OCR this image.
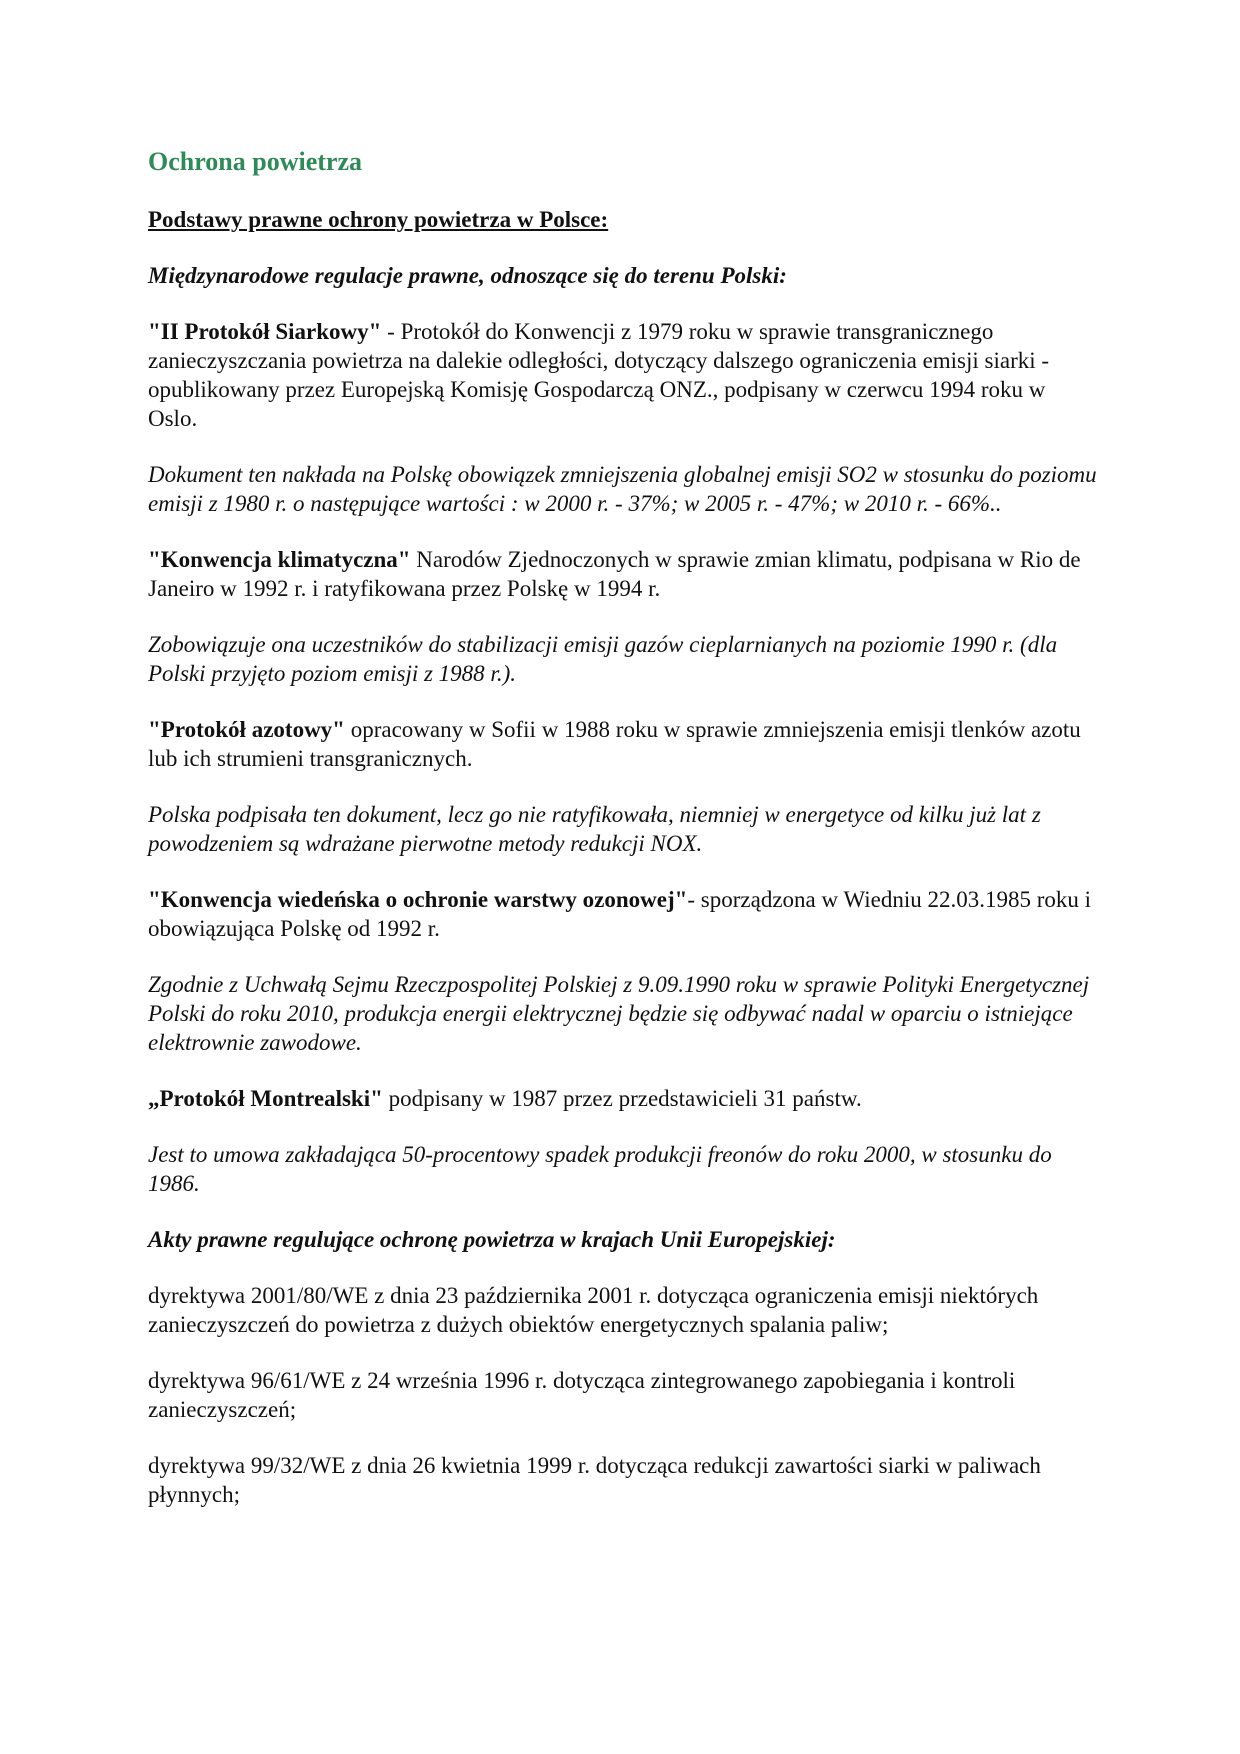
Ochrona powietrza

Podstawy prawne ochrony powietrza w Polsce:

Międzynarodowe regulacje prawne, odnoszące się do terenu Polski:

"II Protokół Siarkowy" - Protokół do Konwencji z 1979 roku w sprawie transgranicznego zanieczyszczania powietrza na dalekie odległości, dotyczący dalszego ograniczenia emisji siarki - opublikowany przez Europejską Komisję Gospodarczą ONZ., podpisany w czerwcu 1994 roku w Oslo.

Dokument ten nakłada na Polskę obowiązek zmniejszenia globalnej emisji SO2 w stosunku do poziomu emisji z 1980 r. o następujące wartości : w 2000 r. - 37%; w 2005 r. - 47%; w 2010 r. - 66%..

"Konwencja klimatyczna" Narodów Zjednoczonych w sprawie zmian klimatu, podpisana w Rio de Janeiro w 1992 r. i ratyfikowana przez Polskę w 1994 r.

Zobowiązuje ona uczestników do stabilizacji emisji gazów cieplarnianych na poziomie 1990 r. (dla Polski przyjęto poziom emisji z 1988 r.).

"Protokół azotowy" opracowany w Sofii w 1988 roku w sprawie zmniejszenia emisji tlenków azotu lub ich strumieni transgranicznych.

Polska podpisała ten dokument, lecz go nie ratyfikowała, niemniej w energetyce od kilku już lat z powodzeniem są wdrażane pierwotne metody redukcji NOX.

"Konwencja wiedeńska o ochronie warstwy ozonowej"- sporządzona w Wiedniu 22.03.1985 roku i obowiązująca Polskę od 1992 r.

Zgodnie z Uchwałą Sejmu Rzeczpospolitej Polskiej z 9.09.1990 roku w sprawie Polityki Energetycznej Polski do roku 2010, produkcja energii elektrycznej będzie się odbywać nadal w oparciu o istniejące elektrownie zawodowe.

„Protokół Montrealski" podpisany w 1987 przez przedstawicieli 31 państw.

Jest to umowa zakładająca 50-procentowy spadek produkcji freonów do roku 2000, w stosunku do 1986.

Akty prawne regulujące ochronę powietrza w krajach Unii Europejskiej:

dyrektywa 2001/80/WE z dnia 23 października 2001 r. dotycząca ograniczenia emisji niektórych zanieczyszczeń do powietrza z dużych obiektów energetycznych spalania paliw;

dyrektywa 96/61/WE z 24 września 1996 r. dotycząca zintegrowanego zapobiegania i kontroli zanieczyszczeń;

dyrektywa 99/32/WE z dnia 26 kwietnia 1999 r. dotycząca redukcji zawartości siarki w paliwach płynnych;
